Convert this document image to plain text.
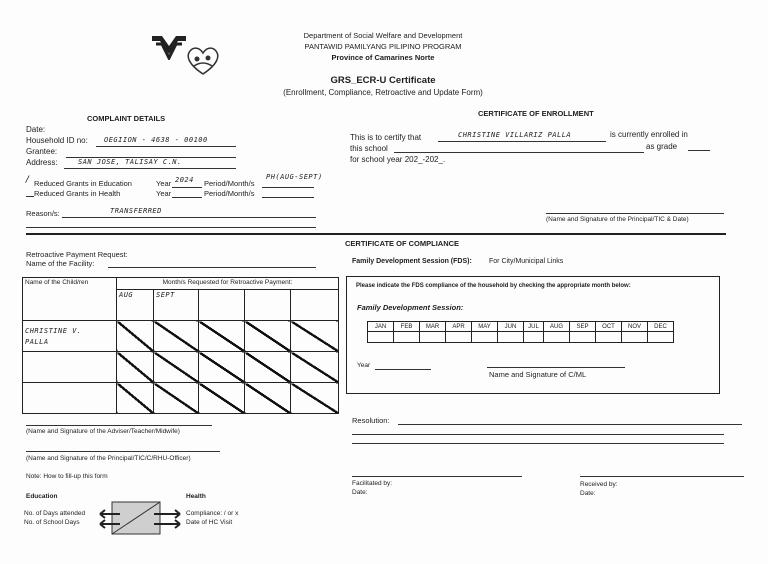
Department of Social Welfare and Development
PANTAWID PAMILYANG PILIPINO PROGRAM
Province of Camarines Norte
GRS_ECR-U Certificate
(Enrollment, Compliance, Retroactive and Update Form)
COMPLAINT DETAILS
Date:
Household ID no: OEGIION - 4638 - 00100
Grantee:
Address:	SAN JOSE, TALISAY C.N.
/ Reduced Grants in Education	Year 2024 Period/Month/s
PH(AUG-SEPT)
Reduced Grants in Health	Year	Period/Month/s
Reason/s:	TRANSFERRED
CERTIFICATE OF ENROLLMENT
This is to certify that	CHRISTINE VILLARIZ PALLA	is currently enrolled in
this school	as grade
for school year 202_-202_.
(Name and Signature of the Principal/TIC & Date)
Retroactive Payment Request:
Name of the Facility:
Name of the Child/ren	Month/s Requested for Retroactive Payment:				
	AUG	SEPT			

CHRISTINE V. PALLA					

(Name and Signature of the Adviser/Teacher/Midwife)
(Name and Signature of the Principal/TIC/C/RHU-Officer)
Note: How to fill-up this form
Education	Health
No. of Days attended
No. of School Days
Compliance: / or x
Date of HC Visit
CERTIFICATE OF COMPLIANCE
Family Development Session (FDS): For City/Municipal Links
Please indicate the FDS compliance of the household by checking the appropriate month below:
Family Development Session:
JAN	FEB	MAR	APR	MAY	JUN	JUL	AUG	SEP	OCT	NOV	DEC

Year
Name and Signature of C/ML
Resolution:
Facilitated by:
Date:
Received by:
Date:
